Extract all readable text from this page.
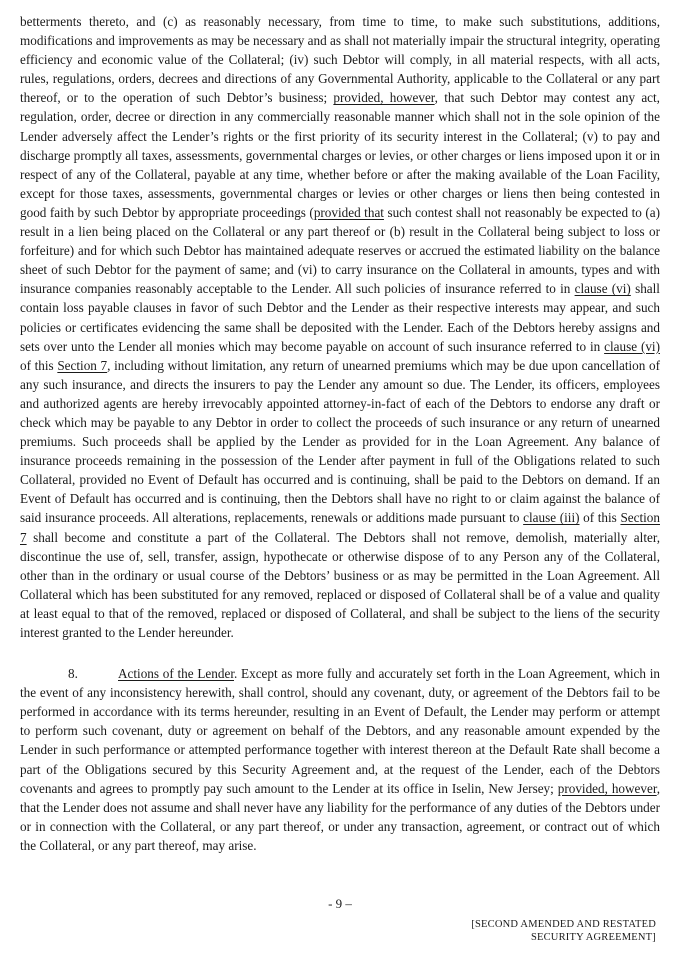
betterments thereto, and (c) as reasonably necessary, from time to time, to make such substitutions, additions, modifications and improvements as may be necessary and as shall not materially impair the structural integrity, operating efficiency and economic value of the Collateral; (iv) such Debtor will comply, in all material respects, with all acts, rules, regulations, orders, decrees and directions of any Governmental Authority, applicable to the Collateral or any part thereof, or to the operation of such Debtor’s business; provided, however, that such Debtor may contest any act, regulation, order, decree or direction in any commercially reasonable manner which shall not in the sole opinion of the Lender adversely affect the Lender’s rights or the first priority of its security interest in the Collateral; (v) to pay and discharge promptly all taxes, assessments, governmental charges or levies, or other charges or liens imposed upon it or in respect of any of the Collateral, payable at any time, whether before or after the making available of the Loan Facility, except for those taxes, assessments, governmental charges or levies or other charges or liens then being contested in good faith by such Debtor by appropriate proceedings (provided that such contest shall not reasonably be expected to (a) result in a lien being placed on the Collateral or any part thereof or (b) result in the Collateral being subject to loss or forfeiture) and for which such Debtor has maintained adequate reserves or accrued the estimated liability on the balance sheet of such Debtor for the payment of same; and (vi) to carry insurance on the Collateral in amounts, types and with insurance companies reasonably acceptable to the Lender. All such policies of insurance referred to in clause (vi) shall contain loss payable clauses in favor of such Debtor and the Lender as their respective interests may appear, and such policies or certificates evidencing the same shall be deposited with the Lender. Each of the Debtors hereby assigns and sets over unto the Lender all monies which may become payable on account of such insurance referred to in clause (vi) of this Section 7, including without limitation, any return of unearned premiums which may be due upon cancellation of any such insurance, and directs the insurers to pay the Lender any amount so due. The Lender, its officers, employees and authorized agents are hereby irrevocably appointed attorney-in-fact of each of the Debtors to endorse any draft or check which may be payable to any Debtor in order to collect the proceeds of such insurance or any return of unearned premiums. Such proceeds shall be applied by the Lender as provided for in the Loan Agreement. Any balance of insurance proceeds remaining in the possession of the Lender after payment in full of the Obligations related to such Collateral, provided no Event of Default has occurred and is continuing, shall be paid to the Debtors on demand. If an Event of Default has occurred and is continuing, then the Debtors shall have no right to or claim against the balance of said insurance proceeds. All alterations, replacements, renewals or additions made pursuant to clause (iii) of this Section 7 shall become and constitute a part of the Collateral. The Debtors shall not remove, demolish, materially alter, discontinue the use of, sell, transfer, assign, hypothecate or otherwise dispose of to any Person any of the Collateral, other than in the ordinary or usual course of the Debtors’ business or as may be permitted in the Loan Agreement. All Collateral which has been substituted for any removed, replaced or disposed of Collateral shall be of a value and quality at least equal to that of the removed, replaced or disposed of Collateral, and shall be subject to the liens of the security interest granted to the Lender hereunder.

8.	Actions of the Lender. Except as more fully and accurately set forth in the Loan Agreement, which in the event of any inconsistency herewith, shall control, should any covenant, duty, or agreement of the Debtors fail to be performed in accordance with its terms hereunder, resulting in an Event of Default, the Lender may perform or attempt to perform such covenant, duty or agreement on behalf of the Debtors, and any reasonable amount expended by the Lender in such performance or attempted performance together with interest thereon at the Default Rate shall become a part of the Obligations secured by this Security Agreement and, at the request of the Lender, each of the Debtors covenants and agrees to promptly pay such amount to the Lender at its office in Iselin, New Jersey; provided, however, that the Lender does not assume and shall never have any liability for the performance of any duties of the Debtors under or in connection with the Collateral, or any part thereof, or under any transaction, agreement, or contract out of which the Collateral, or any part thereof, may arise.

- 9 –

[SECOND AMENDED AND RESTATED
SECURITY AGREEMENT]
